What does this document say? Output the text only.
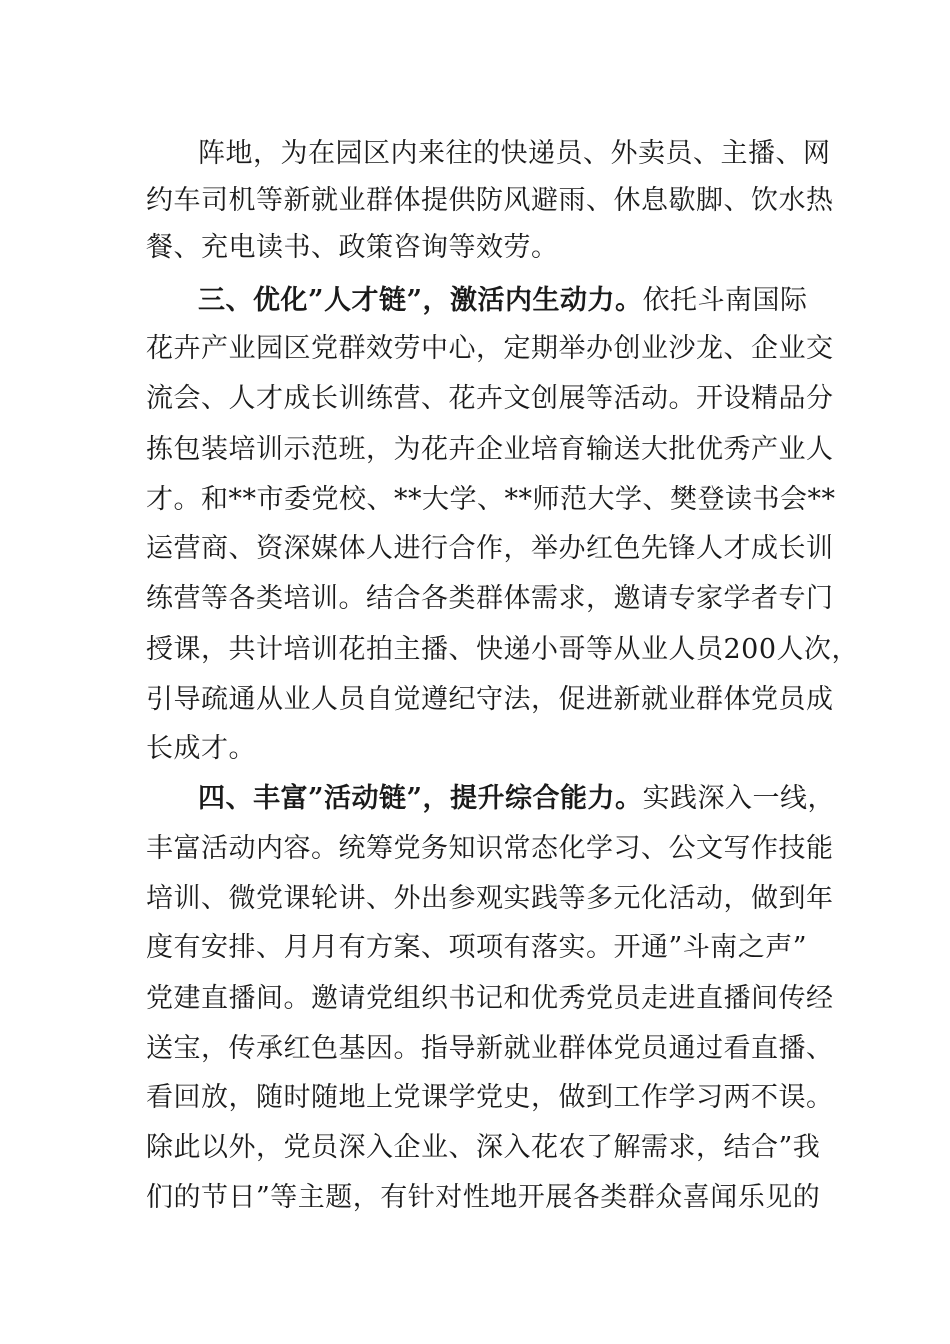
阵地，为在园区内来往的快递员、外卖员、主播、网
约车司机等新就业群体提供防风避雨、休息歇脚、饮水热
餐、充电读书、政策咨询等效劳。
三、优化”人才链”，激活内生动力。依托斗南国际
花卉产业园区党群效劳中心，定期举办创业沙龙、企业交
流会、人才成长训练营、花卉文创展等活动。开设精品分
拣包装培训示范班，为花卉企业培育输送大批优秀产业人
才。和**市委党校、**大学、**师范大学、樊登读书会**
运营商、资深媒体人进行合作，举办红色先锋人才成长训
练营等各类培训。结合各类群体需求，邀请专家学者专门
授课，共计培训花拍主播、快递小哥等从业人员200人次，
引导疏通从业人员自觉遵纪守法，促进新就业群体党员成
长成才。
四、丰富”活动链”，提升综合能力。实践深入一线，
丰富活动内容。统筹党务知识常态化学习、公文写作技能
培训、微党课轮讲、外出参观实践等多元化活动，做到年
度有安排、月月有方案、项项有落实。开通”斗南之声”
党建直播间。邀请党组织书记和优秀党员走进直播间传经
送宝，传承红色基因。指导新就业群体党员通过看直播、
看回放，随时随地上党课学党史，做到工作学习两不误。
除此以外，党员深入企业、深入花农了解需求，结合”我
们的节日”等主题，有针对性地开展各类群众喜闻乐见的
